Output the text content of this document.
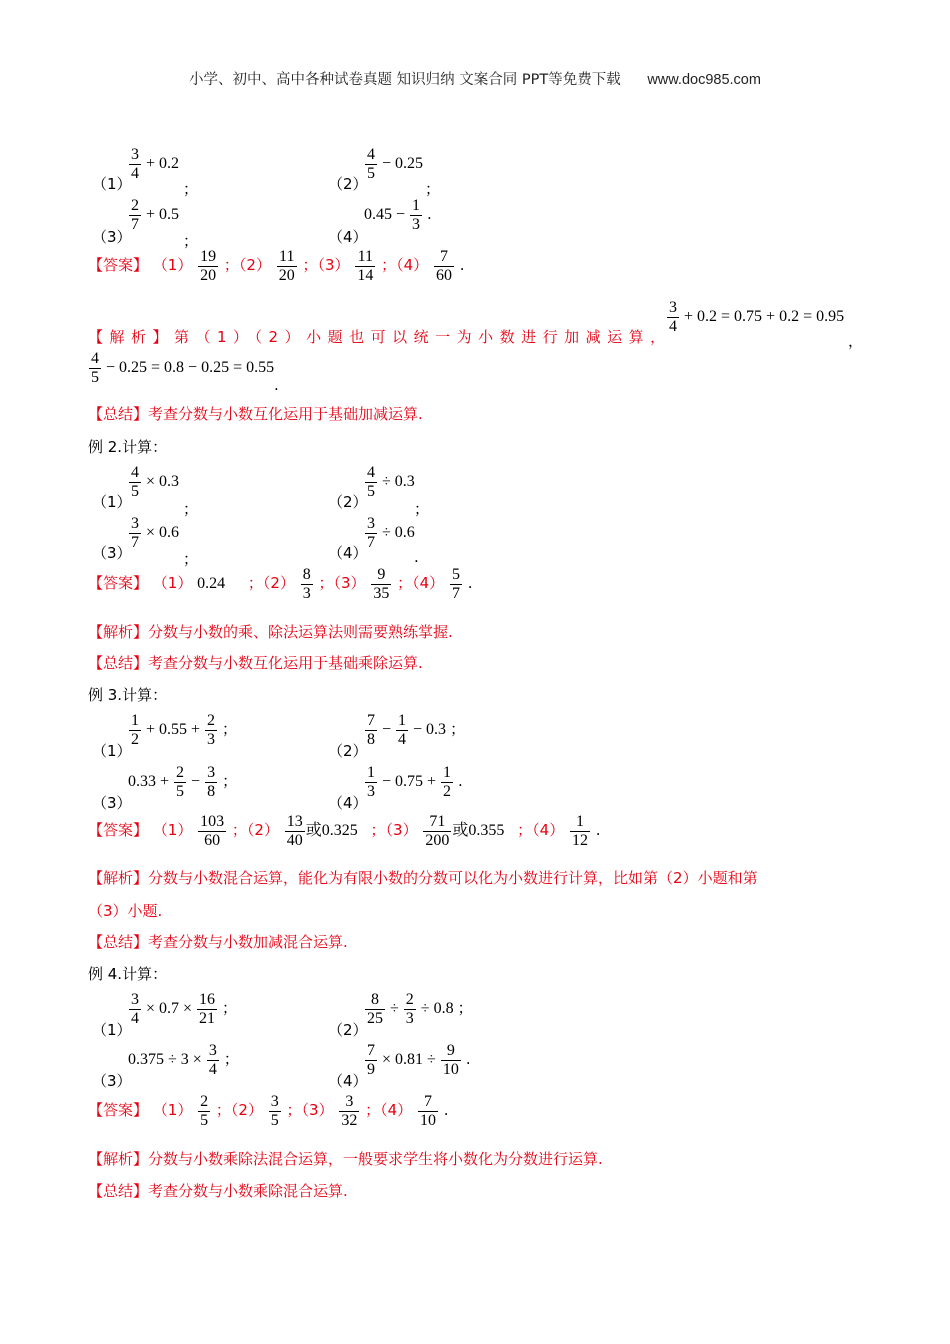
小学、初中、高中各种试卷真题 知识归纳 文案合同 PPT等免费下载 www.doc985.com
（1）
$\frac{3}{4} + 0.2$
；	（2）
$\frac{4}{5} - 0.25$
；
（3）
$\frac{2}{7} + 0.5$
；	（4）
$0.45 - \frac{1}{3}$ .
【答案】 $(1) \frac{19}{20}$ ；$(2) \frac{11}{20}$ ；$(3) \frac{11}{14}$ ；$(4) \frac{7}{60}$ .
【解析】第（1）（2）小题也可以统一为小数进行加减运算，
$\frac{3}{4} + 0.2 = 0.75 + 0.2 = 0.95$
，
$\frac{4}{5} - 0.25 = 0.8 - 0.25 = 0.55$
.
【总结】考查分数与小数互化运用于基础加减运算.
例 2.计算：
（1）
$\frac{4}{5} \times 0.3$
；	（2）
$\frac{4}{5} \div 0.3$
；
（3）
$\frac{3}{7} \times 0.6$
；	（4）
$\frac{3}{7} \div 0.6$
.
【答案】 （1） 0.24 ；$(2) \frac{8}{3}$ ；$(3) \frac{9}{35}$ ；$(4) \frac{5}{7}$ .
【解析】分数与小数的乘、除法运算法则需要熟练掌握.
【总结】考查分数与小数互化运用于基础乘除运算.
例 3.计算：
（1）
$\frac{1}{2} + 0.55 + \frac{2}{3}$ ；
（2）
$\frac{7}{8} - \frac{1}{4} - 0.3$ ；
（3）
$0.33 + \frac{2}{5} - \frac{3}{8}$ ；
（4）
$\frac{1}{3} - 0.75 + \frac{1}{2}$ .
【答案】 $(1) \frac{103}{60}$ ；$(2) \frac{13}{40}$ 或0.325 ；$(3) \frac{71}{200}$ 或0.355 ；$(4) \frac{1}{12}$ .
【解析】分数与小数混合运算，能化为有限小数的分数可以化为小数进行计算，比如第（2）小题和第
（3）小题.
【总结】考查分数与小数加减混合运算.
例 4.计算：
（1）
$\frac{3}{4} \times 0.7 \times \frac{16}{21}$ ；
（2）
$\frac{8}{25} \div \frac{2}{3} \div 0.8$ ；
（3）
$0.375 \div 3 \times \frac{3}{4}$ ；
（4）
$\frac{7}{9} \times 0.81 \div \frac{9}{10}$ .
【答案】 $(1) \frac{2}{5}$ ；$(2) \frac{3}{5}$ ；$(3) \frac{3}{32}$ ；$(4) \frac{7}{10}$ .
【解析】分数与小数乘除法混合运算，一般要求学生将小数化为分数进行运算.
【总结】考查分数与小数乘除混合运算.
